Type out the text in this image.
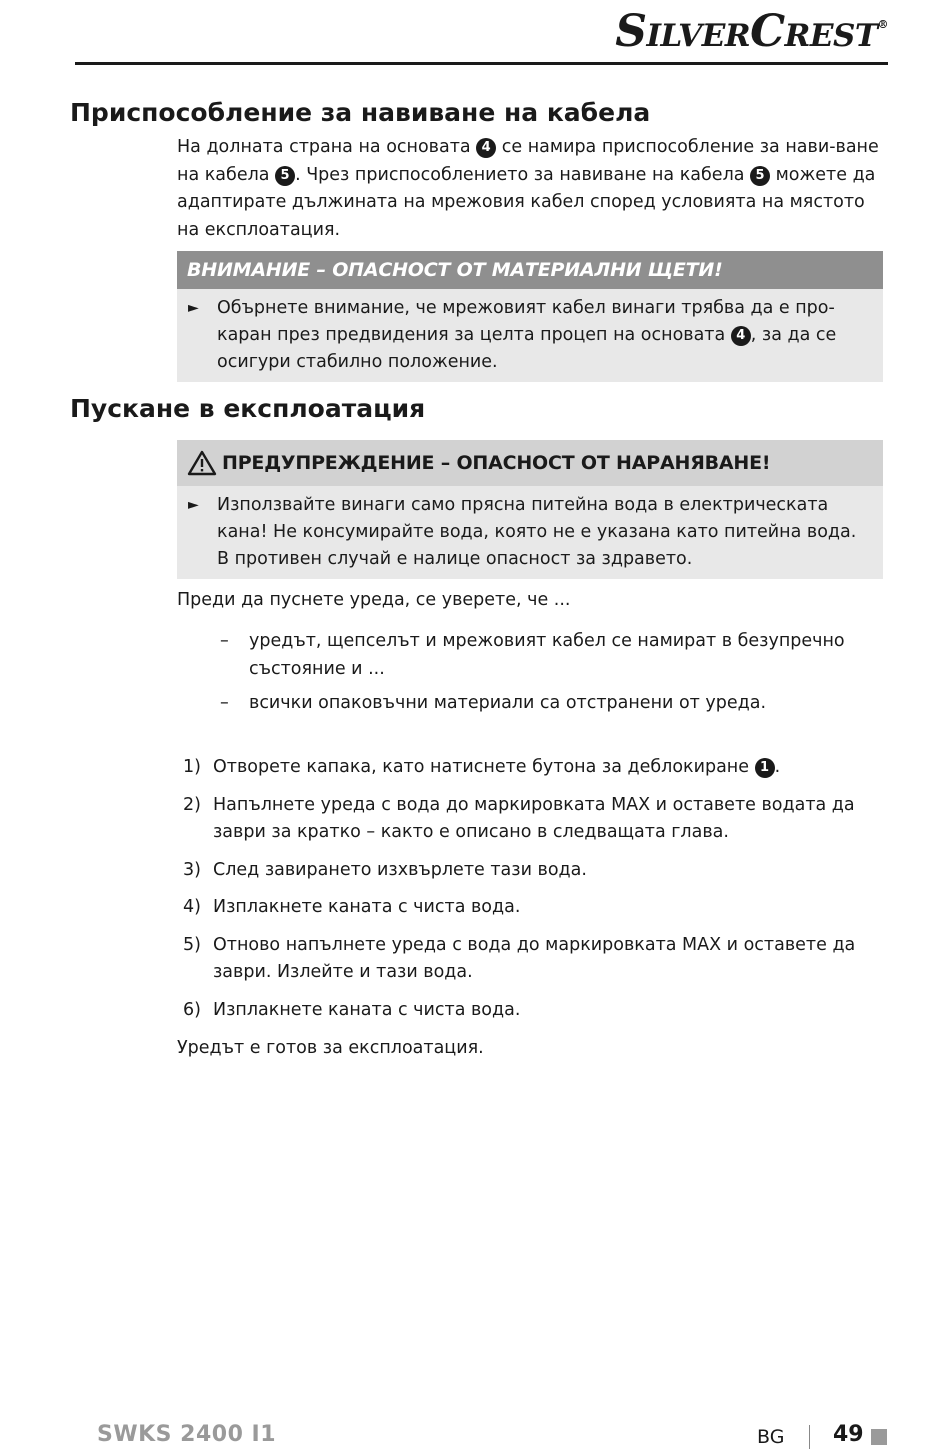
SILVERCREST®
Приспособление за навиване на кабела

На долната страна на основата 4 се намира приспособление за нави-ване на кабела 5 . Чрез приспособлението за навиване на кабела 5 можете да адаптирате дължината на мрежовия кабел според условията на мястото на експлоатация.

ВНИМАНИЕ – ОПАСНОСТ ОТ МАТЕРИАЛНИ ЩЕТИ!
► Обърнете внимание, че мрежовият кабел винаги трябва да е про-каран през предвидения за целта процеп на основата 4 , за да се осигури стабилно положение.
Пускане в експлоатация
ПРЕДУПРЕЖДЕНИЕ – ОПАСНОСТ ОТ НАРАНЯВАНЕ!
► Използвайте винаги само прясна питейна вода в електрическата кана! Не консумирайте вода, която не е указана като питейна вода. В противен случай е налице опасност за здравето.

Преди да пуснете уреда, се уверете, че ...

– уредът, щепселът и мрежовият кабел се намират в безупречно състояние и ...
– всички опаковъчни материали са отстранени от уреда.
1) Отворете капака, като натиснете бутона за деблокиране 1 .
2) Напълнете уреда с вода до маркировката MAX и оставете водата да заври за кратко – както е описано в следващата глава.
3) След завирането изхвърлете тази вода.
4) Изплакнете каната с чиста вода.
5) Отново напълнете уреда с вода до маркировката MAX и оставете да заври. Излейте и тази вода.
6) Изплакнете каната с чиста вода.

Уредът е готов за експлоатация.

SWKS 2400 I1	BG 49
